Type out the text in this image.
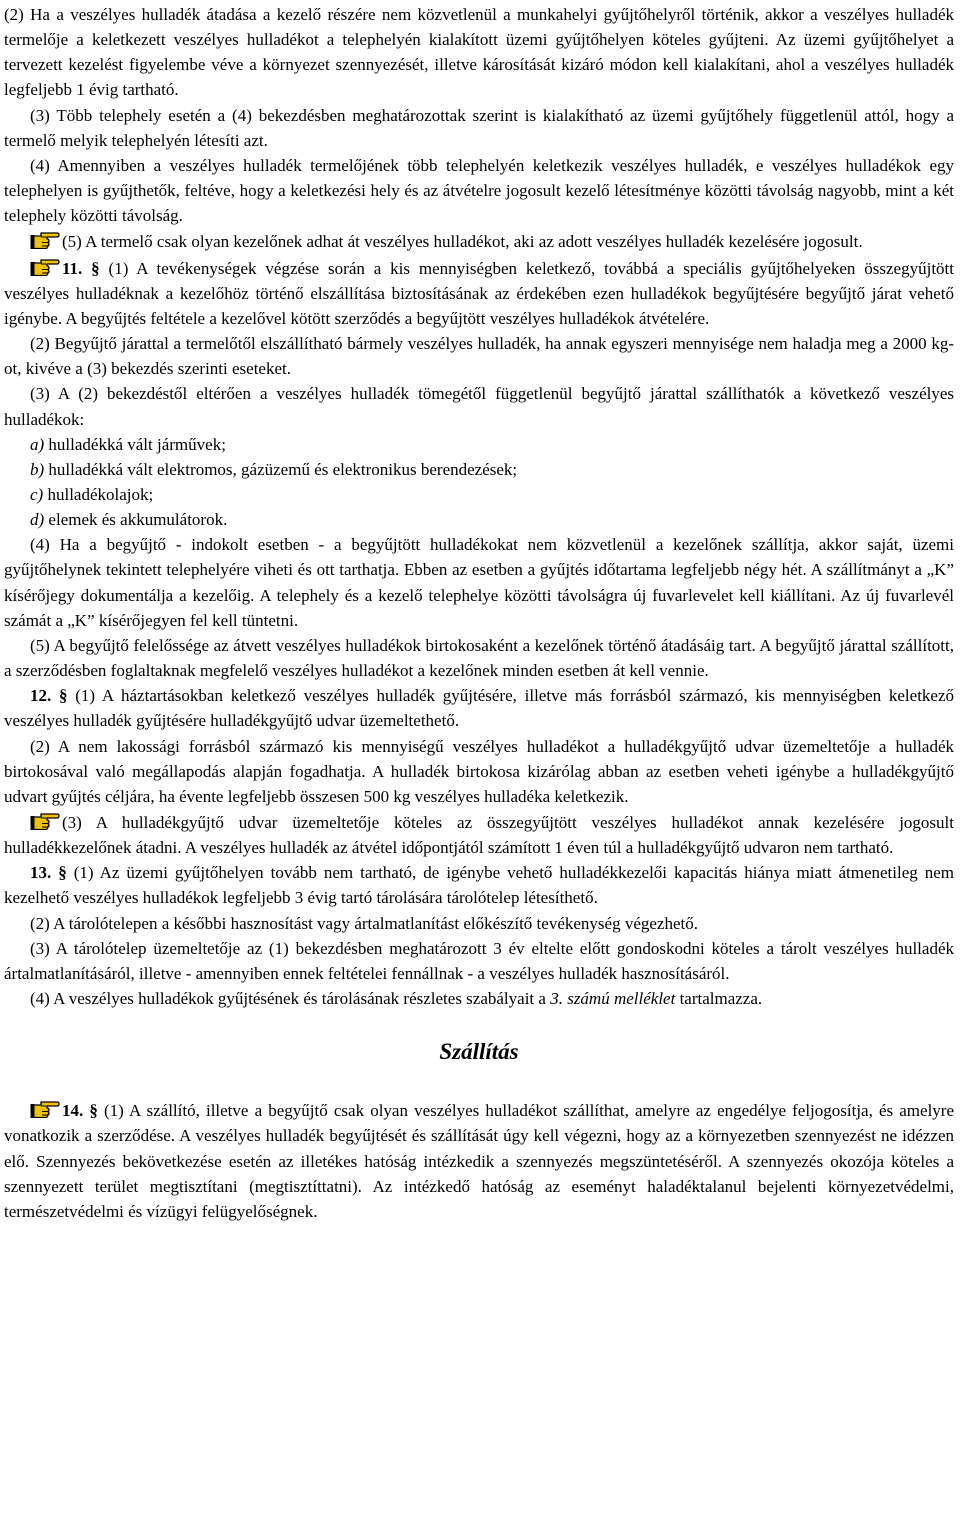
(2) Ha a veszélyes hulladék átadása a kezelő részére nem közvetlenül a munkahelyi gyűjtőhelyről történik, akkor a veszélyes hulladék termelője a keletkezett veszélyes hulladékot a telephelyén kialakított üzemi gyűjtőhelyen köteles gyűjteni. Az üzemi gyűjtőhelyet a tervezett kezelést figyelembe véve a környezet szennyezését, illetve károsítását kizáró módon kell kialakítani, ahol a veszélyes hulladék legfeljebb 1 évig tartható.

(3) Több telephely esetén a (4) bekezdésben meghatározottak szerint is kialakítható az üzemi gyűjtőhely függetlenül attól, hogy a termelő melyik telephelyén létesíti azt.

(4) Amennyiben a veszélyes hulladék termelőjének több telephelyén keletkezik veszélyes hulladék, e veszélyes hulladékok egy telephelyen is gyűjthetők, feltéve, hogy a keletkezési hely és az átvételre jogosult kezelő létesítménye közötti távolság nagyobb, mint a két telephely közötti távolság.

(5) A termelő csak olyan kezelőnek adhat át veszélyes hulladékot, aki az adott veszélyes hulladék kezelésére jogosult.

11. § (1) A tevékenységek végzése során a kis mennyiségben keletkező, továbbá a speciális gyűjtőhelyeken összegyűjtött veszélyes hulladéknak a kezelőhöz történő elszállítása biztosításának az érdekében ezen hulladékok begyűjtésére begyűjtő járat vehető igénybe. A begyűjtés feltétele a kezelővel kötött szerződés a begyűjtött veszélyes hulladékok átvételére.

(2) Begyűjtő járattal a termelőtől elszállítható bármely veszélyes hulladék, ha annak egyszeri mennyisége nem haladja meg a 2000 kg-ot, kivéve a (3) bekezdés szerinti eseteket.

(3) A (2) bekezdéstől eltérően a veszélyes hulladék tömegétől függetlenül begyűjtő járattal szállíthatók a következő veszélyes hulladékok:

a) hulladékká vált járművek;

b) hulladékká vált elektromos, gázüzemű és elektronikus berendezések;

c) hulladékolajok;

d) elemek és akkumulátorok.

(4) Ha a begyűjtő - indokolt esetben - a begyűjtött hulladékokat nem közvetlenül a kezelőnek szállítja, akkor saját, üzemi gyűjtőhelynek tekintett telephelyére viheti és ott tarthatja. Ebben az esetben a gyűjtés időtartama legfeljebb négy hét. A szállítmányt a „K” kísérőjegy dokumentálja a kezelőig. A telephely és a kezelő telephelye közötti távolságra új fuvarlevelet kell kiállítani. Az új fuvarlevél számát a „K” kísérőjegyen fel kell tüntetni.

(5) A begyűjtő felelőssége az átvett veszélyes hulladékok birtokosaként a kezelőnek történő átadásáig tart. A begyűjtő járattal szállított, a szerződésben foglaltaknak megfelelő veszélyes hulladékot a kezelőnek minden esetben át kell vennie.

12. § (1) A háztartásokban keletkező veszélyes hulladék gyűjtésére, illetve más forrásból származó, kis mennyiségben keletkező veszélyes hulladék gyűjtésére hulladékgyűjtő udvar üzemeltethető.

(2) A nem lakossági forrásból származó kis mennyiségű veszélyes hulladékot a hulladékgyűjtő udvar üzemeltetője a hulladék birtokosával való megállapodás alapján fogadhatja. A hulladék birtokosa kizárólag abban az esetben veheti igénybe a hulladékgyűjtő udvart gyűjtés céljára, ha évente legfeljebb összesen 500 kg veszélyes hulladéka keletkezik.

(3) A hulladékgyűjtő udvar üzemeltetője köteles az összegyűjtött veszélyes hulladékot annak kezelésére jogosult hulladékkezelőnek átadni. A veszélyes hulladék az átvétel időpontjától számított 1 éven túl a hulladékgyűjtő udvaron nem tartható.

13. § (1) Az üzemi gyűjtőhelyen tovább nem tartható, de igénybe vehető hulladékkezelői kapacitás hiánya miatt átmenetileg nem kezelhető veszélyes hulladékok legfeljebb 3 évig tartó tárolására tárolótelep létesíthető.

(2) A tárolótelepen a későbbi hasznosítást vagy ártalmatlanítást előkészítő tevékenység végezhető.

(3) A tárolótelep üzemeltetője az (1) bekezdésben meghatározott 3 év eltelte előtt gondoskodni köteles a tárolt veszélyes hulladék ártalmatlanításáról, illetve - amennyiben ennek feltételei fennállnak - a veszélyes hulladék hasznosításáról.

(4) A veszélyes hulladékok gyűjtésének és tárolásának részletes szabályait a 3. számú melléklet tartalmazza.

Szállítás

14. § (1) A szállító, illetve a begyűjtő csak olyan veszélyes hulladékot szállíthat, amelyre az engedélye feljogosítja, és amelyre vonatkozik a szerződése. A veszélyes hulladék begyűjtését és szállítását úgy kell végezni, hogy az a környezetben szennyezést ne idézzen elő. Szennyezés bekövetkezése esetén az illetékes hatóság intézkedik a szennyezés megszüntetéséről. A szennyezés okozója köteles a szennyezett terület megtisztítani (megtisztíttatni). Az intézkedő hatóság az eseményt haladéktalanul bejelenti környezetvédelmi, természetvédelmi és vízügyi felügyelőségnek.
